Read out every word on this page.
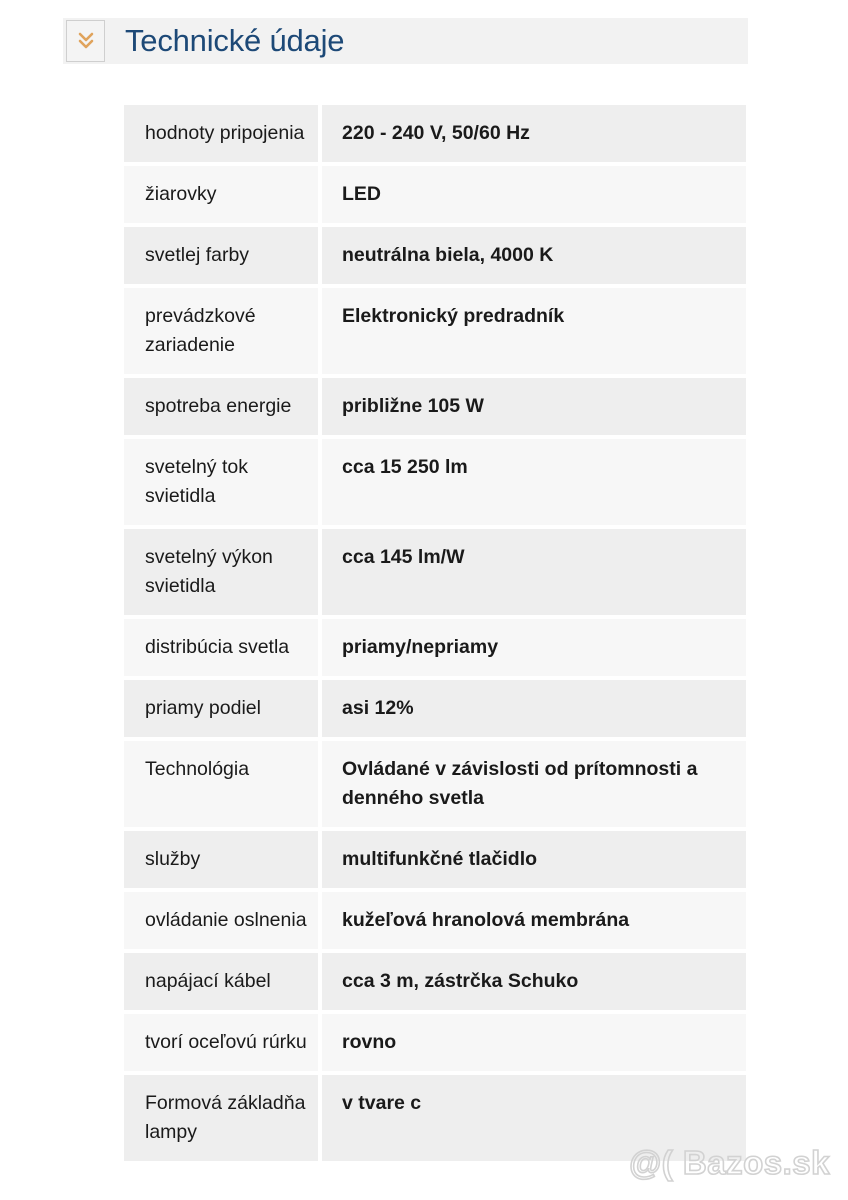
Technické údaje
hodnoty pripojenia	220 - 240 V, 50/60 Hz
žiarovky	LED
svetlej farby	neutrálna biela, 4000 K
prevádzkové zariadenie	Elektronický predradník
spotreba energie	približne 105 W
svetelný tok svietidla	cca 15 250 lm
svetelný výkon svietidla	cca 145 lm/W
distribúcia svetla	priamy/nepriamy
priamy podiel	asi 12%
Technológia	Ovládané v závislosti od prítomnosti a denného svetla
služby	multifunkčné tlačidlo
ovládanie oslnenia	kužeľová hranolová membrána
napájací kábel	cca 3 m, zástrčka Schuko
tvorí oceľovú rúrku	rovno
Formová základňa lampy	v tvare c
@( Bazos.sk
